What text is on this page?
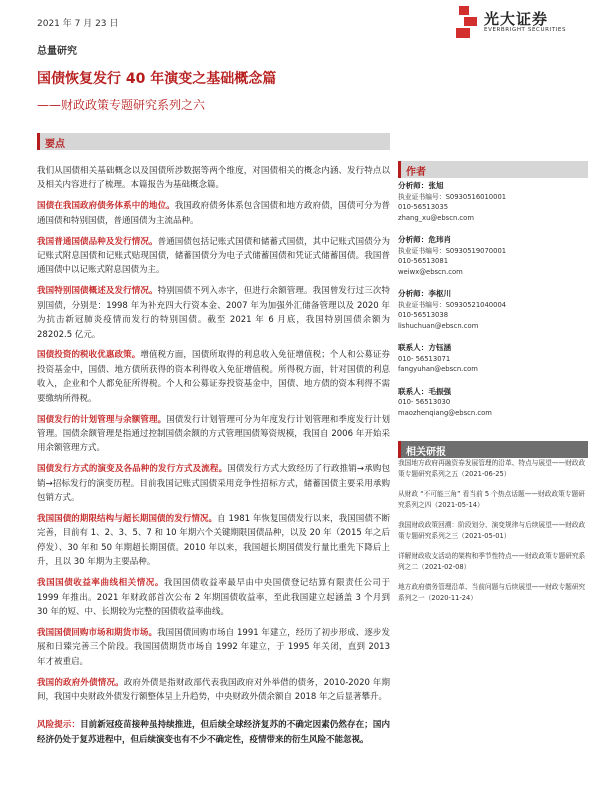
2021 年 7 月 23 日	光大证券
EVERBRIGHT SECURITIES
总量研究
国债恢复发行 40 年演变之基础概念篇
——财政政策专题研究系列之六
要点
作者
相关研报

我们从国债相关基础概念以及国债所涉数据等两个维度，对国债相关的概念内涵、发行特点以及相关内容进行了梳理。本篇报告为基础概念篇。

国债在我国政府债务体系中的地位。我国政府债务体系包含国债和地方政府债，国债可分为普通国债和特别国债，普通国债为主流品种。

我国普通国债品种及发行情况。普通国债包括记账式国债和储蓄式国债，其中记账式国债分为记账式附息国债和记账式贴现国债，储蓄国债分为电子式储蓄国债和凭证式储蓄国债。我国普通国债中以记账式附息国债为主。

我国特别国债概述及发行情况。特别国债不列入赤字，但进行余额管理。我国曾发行过三次特别国债，分别是：1998 年为补充四大行资本金、2007 年为加强外汇储备管理以及 2020 年为抗击新冠肺炎疫情而发行的特别国债。截至 2021 年 6 月底，我国特别国债余额为 28202.5 亿元。

国债投资的税收优惠政策。增值税方面，国债所取得的利息收入免征增值税；个人和公募证券投资基金中，国债、地方债所获得的资本利得收入免征增值税。所得税方面，针对国债的利息收入，企业和个人都免征所得税。个人和公募证券投资基金中，国债、地方债的资本利得不需要缴纳所得税。

国债发行的计划管理与余额管理。国债发行计划管理可分为年度发行计划管理和季度发行计划管理。国债余额管理是指通过控制国债余额的方式管理国债筹资规模，我国自 2006 年开始采用余额管理方式。

国债发行方式的演变及各品种的发行方式及流程。国债发行方式大致经历了行政推销→承购包销→招标发行的演变历程。目前我国记账式国债采用竞争性招标方式，储蓄国债主要采用承购包销方式。

我国国债的期限结构与超长期国债的发行情况。自 1981 年恢复国债发行以来，我国国债不断完善，目前有 1、2、3、5、7 和 10 年期六个关键期限国债品种，以及 20 年（2015 年之后停发）、30 年和 50 年期超长期国债。2010 年以来，我国超长期国债发行量比重先下降后上升，且以 30 年期为主要品种。

我国国债收益率曲线相关情况。我国国债收益率最早由中央国债登记结算有限责任公司于 1999 年推出。2021 年财政部首次公布 2 年期国债收益率，至此我国建立起涵盖 3 个月到 30 年的短、中、长期较为完整的国债收益率曲线。

我国国债回购市场和期货市场。我国国债回购市场自 1991 年建立，经历了初步形成、逐步发展和日臻完善三个阶段。我国国债期货市场自 1992 年建立，于 1995 年关闭，直到 2013 年才被重启。

我国的政府外债情况。政府外债是指财政部代表我国政府对外举借的债务，2010-2020 年期间，我国中央财政外债发行额整体呈上升趋势，中央财政外债余额自 2018 年之后显著攀升。

风险提示：目前新冠疫苗接种虽持续推进，但后续全球经济复苏的不确定因素仍然存在；国内经济仍处于复苏进程中，但后续演变也有不少不确定性，疫情带来的衍生风险不能忽视。

分析师：张旭
执业证书编号：S0930516010001
010-56513035
zhang_xu@ebscn.com
分析师：危玮肖
执业证书编号：S0930519070001
010-56513081
weiwx@ebscn.com
分析师：李枢川
执业证书编号：S0930521040004
010-56513038
lishuchuan@ebscn.com
联系人：方钰涵
010- 56513071
fangyuhan@ebscn.com
联系人：毛振强
010- 56513030
maozhenqiang@ebscn.com
我国地方政府再融资券发展管理的沿革、特点与展望——财政政策专题研究系列之五（2021-06-25）
从财政 “不可能三角” 看当前 5 个热点话题——财政政策专题研究系列之四（2021-05-14）
我国财政政策回溯：阶段划分、演变规律与后续展望——财政政策专题研究系列之三（2021-05-01）
详解财政收支活动的架构和季节性特点——财政政策专题研究系列之二（2021-02-08）
地方政府债务管理沿革、当前问题与后续展望——财政专题研究系列之一（2020-11-24）
